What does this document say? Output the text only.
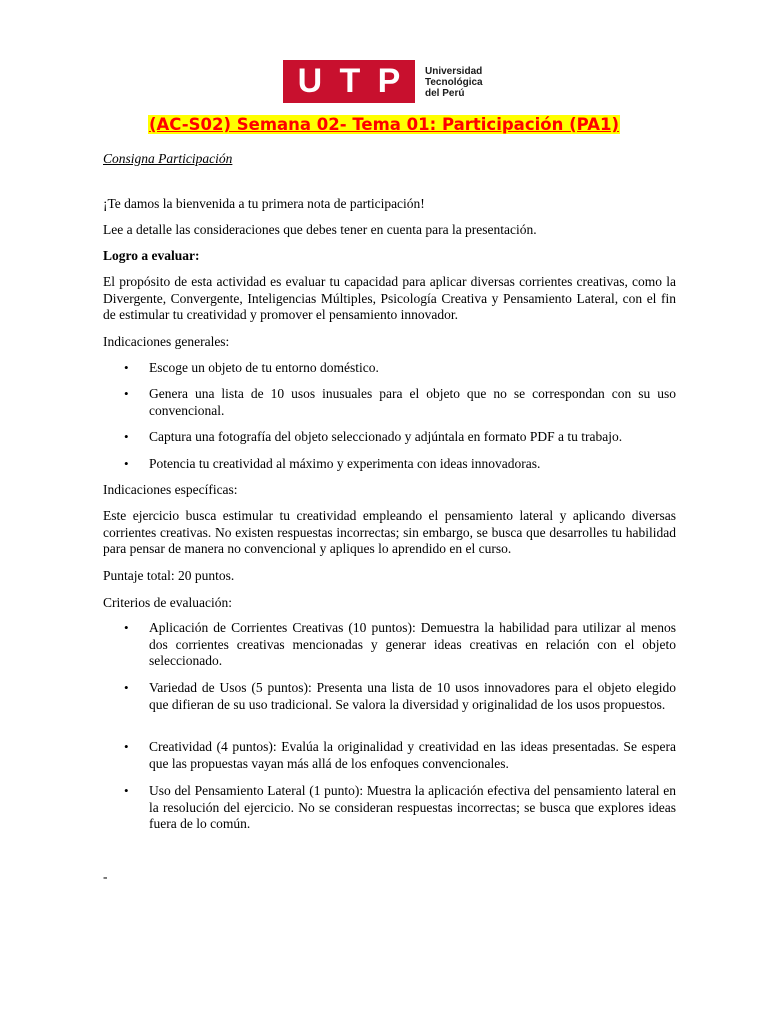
U T P Universidad
Tecnológica
del Perú
(AC-S02) Semana 02- Tema 01: Participación (PA1)

Consigna Participación

¡Te damos la bienvenida a tu primera nota de participación!

Lee a detalle las consideraciones que debes tener en cuenta para la presentación.

Logro a evaluar:

El propósito de esta actividad es evaluar tu capacidad para aplicar diversas corrientes creativas, como la Divergente, Convergente, Inteligencias Múltiples, Psicología Creativa y Pensamiento Lateral, con el fin de estimular tu creatividad y promover el pensamiento innovador.

Indicaciones generales:

• Escoge un objeto de tu entorno doméstico.

• Genera una lista de 10 usos inusuales para el objeto que no se correspondan con su uso convencional.

• Captura una fotografía del objeto seleccionado y adjúntala en formato PDF a tu trabajo.

• Potencia tu creatividad al máximo y experimenta con ideas innovadoras.

Indicaciones específicas:

Este ejercicio busca estimular tu creatividad empleando el pensamiento lateral y aplicando diversas corrientes creativas. No existen respuestas incorrectas; sin embargo, se busca que desarrolles tu habilidad para pensar de manera no convencional y apliques lo aprendido en el curso.

Puntaje total: 20 puntos.

Criterios de evaluación:

• Aplicación de Corrientes Creativas (10 puntos): Demuestra la habilidad para utilizar al menos dos corrientes creativas mencionadas y generar ideas creativas en relación con el objeto seleccionado.

• Variedad de Usos (5 puntos): Presenta una lista de 10 usos innovadores para el objeto elegido que difieran de su uso tradicional. Se valora la diversidad y originalidad de los usos propuestos.

• Creatividad (4 puntos): Evalúa la originalidad y creatividad en las ideas presentadas. Se espera que las propuestas vayan más allá de los enfoques convencionales.

• Uso del Pensamiento Lateral (1 punto): Muestra la aplicación efectiva del pensamiento lateral en la resolución del ejercicio. No se consideran respuestas incorrectas; se busca que explores ideas fuera de lo común.

-
